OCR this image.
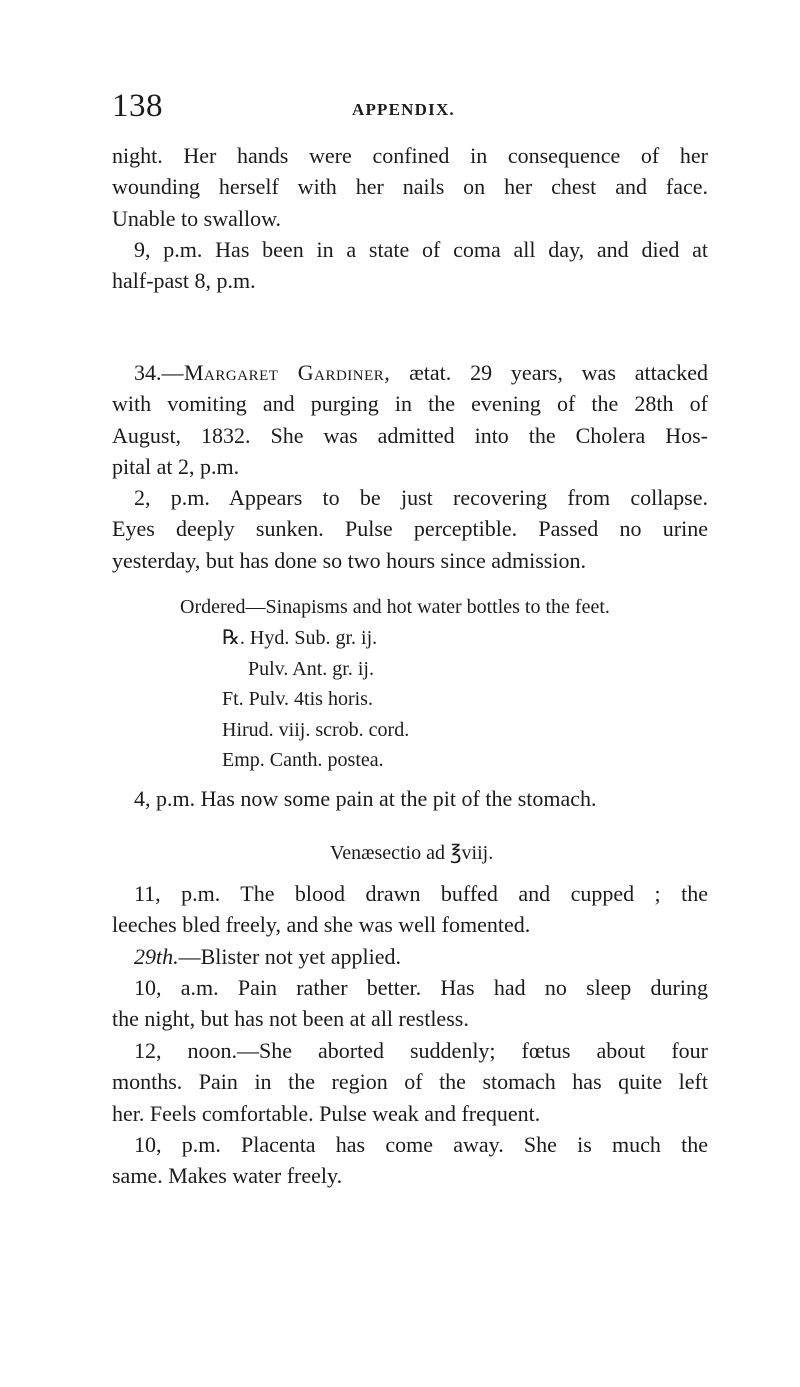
138	APPENDIX.
night. Her hands were confined in consequence of her
wounding herself with her nails on her chest and face.
Unable to swallow.
9, p.m. Has been in a state of coma all day, and died at
half-past 8, p.m.
34.—Margaret Gardiner, ætat. 29 years, was attacked
with vomiting and purging in the evening of the 28th of
August, 1832. She was admitted into the Cholera Hos-
pital at 2, p.m.
2, p.m. Appears to be just recovering from collapse.
Eyes deeply sunken. Pulse perceptible. Passed no urine
yesterday, but has done so two hours since admission.
Ordered—Sinapisms and hot water bottles to the feet.
℞. Hyd. Sub. gr. ij.
Pulv. Ant. gr. ij.
Ft. Pulv. 4tis horis.
Hirud. viij. scrob. cord.
Emp. Canth. postea.
4, p.m. Has now some pain at the pit of the stomach.
Venæsectio ad ℥viij.
11, p.m. The blood drawn buffed and cupped ; the
leeches bled freely, and she was well fomented.
29th.—Blister not yet applied.
10, a.m. Pain rather better. Has had no sleep during
the night, but has not been at all restless.
12, noon.—She aborted suddenly; fœtus about four
months. Pain in the region of the stomach has quite left
her. Feels comfortable. Pulse weak and frequent.
10, p.m. Placenta has come away. She is much the
same. Makes water freely.
